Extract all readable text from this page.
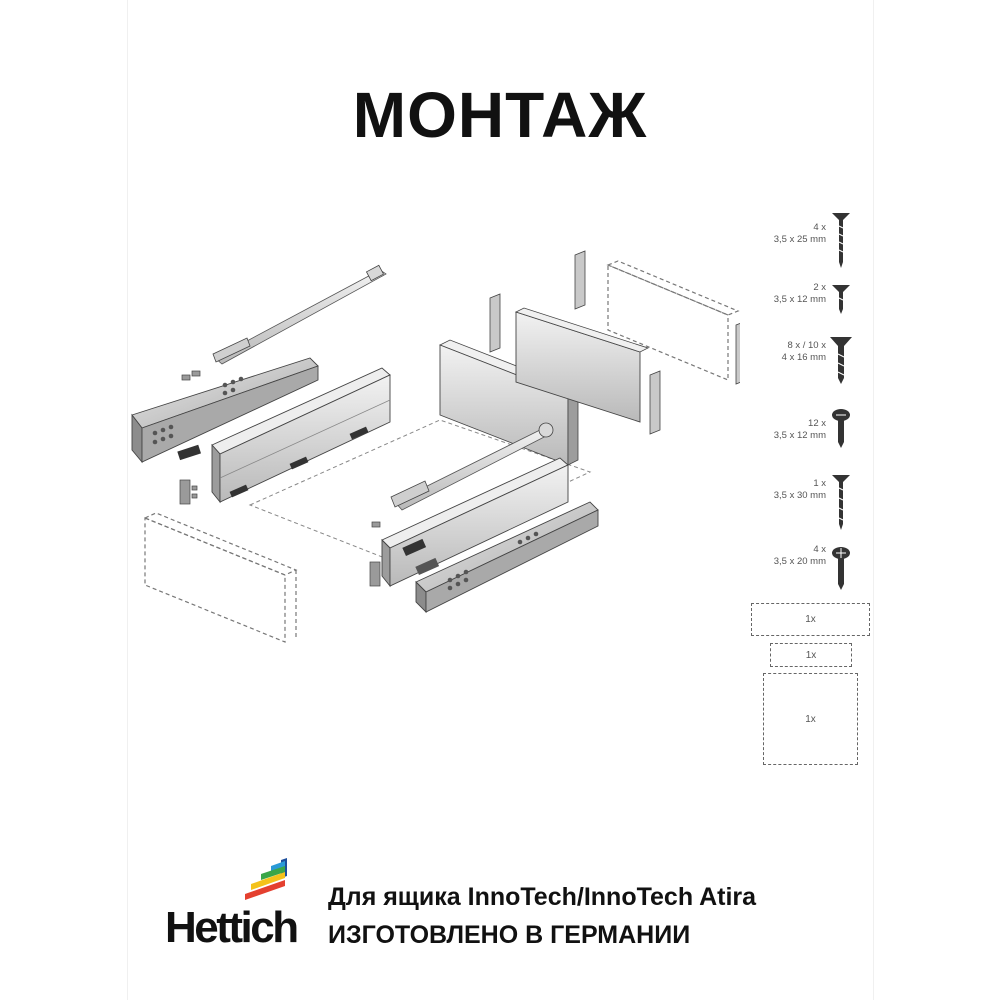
МОНТАЖ
4 x
3,5 x 25 mm
2 x
3,5 x 12 mm
8 x / 10 x
4 x 16 mm
12 x
3,5 x 12 mm
1 x
3,5 x 30 mm
4 x
3,5 x 20 mm
1x
1x
1x
Hettich
Для ящика InnoTech/InnoTech Atira
ИЗГОТОВЛЕНО В ГЕРМАНИИ
